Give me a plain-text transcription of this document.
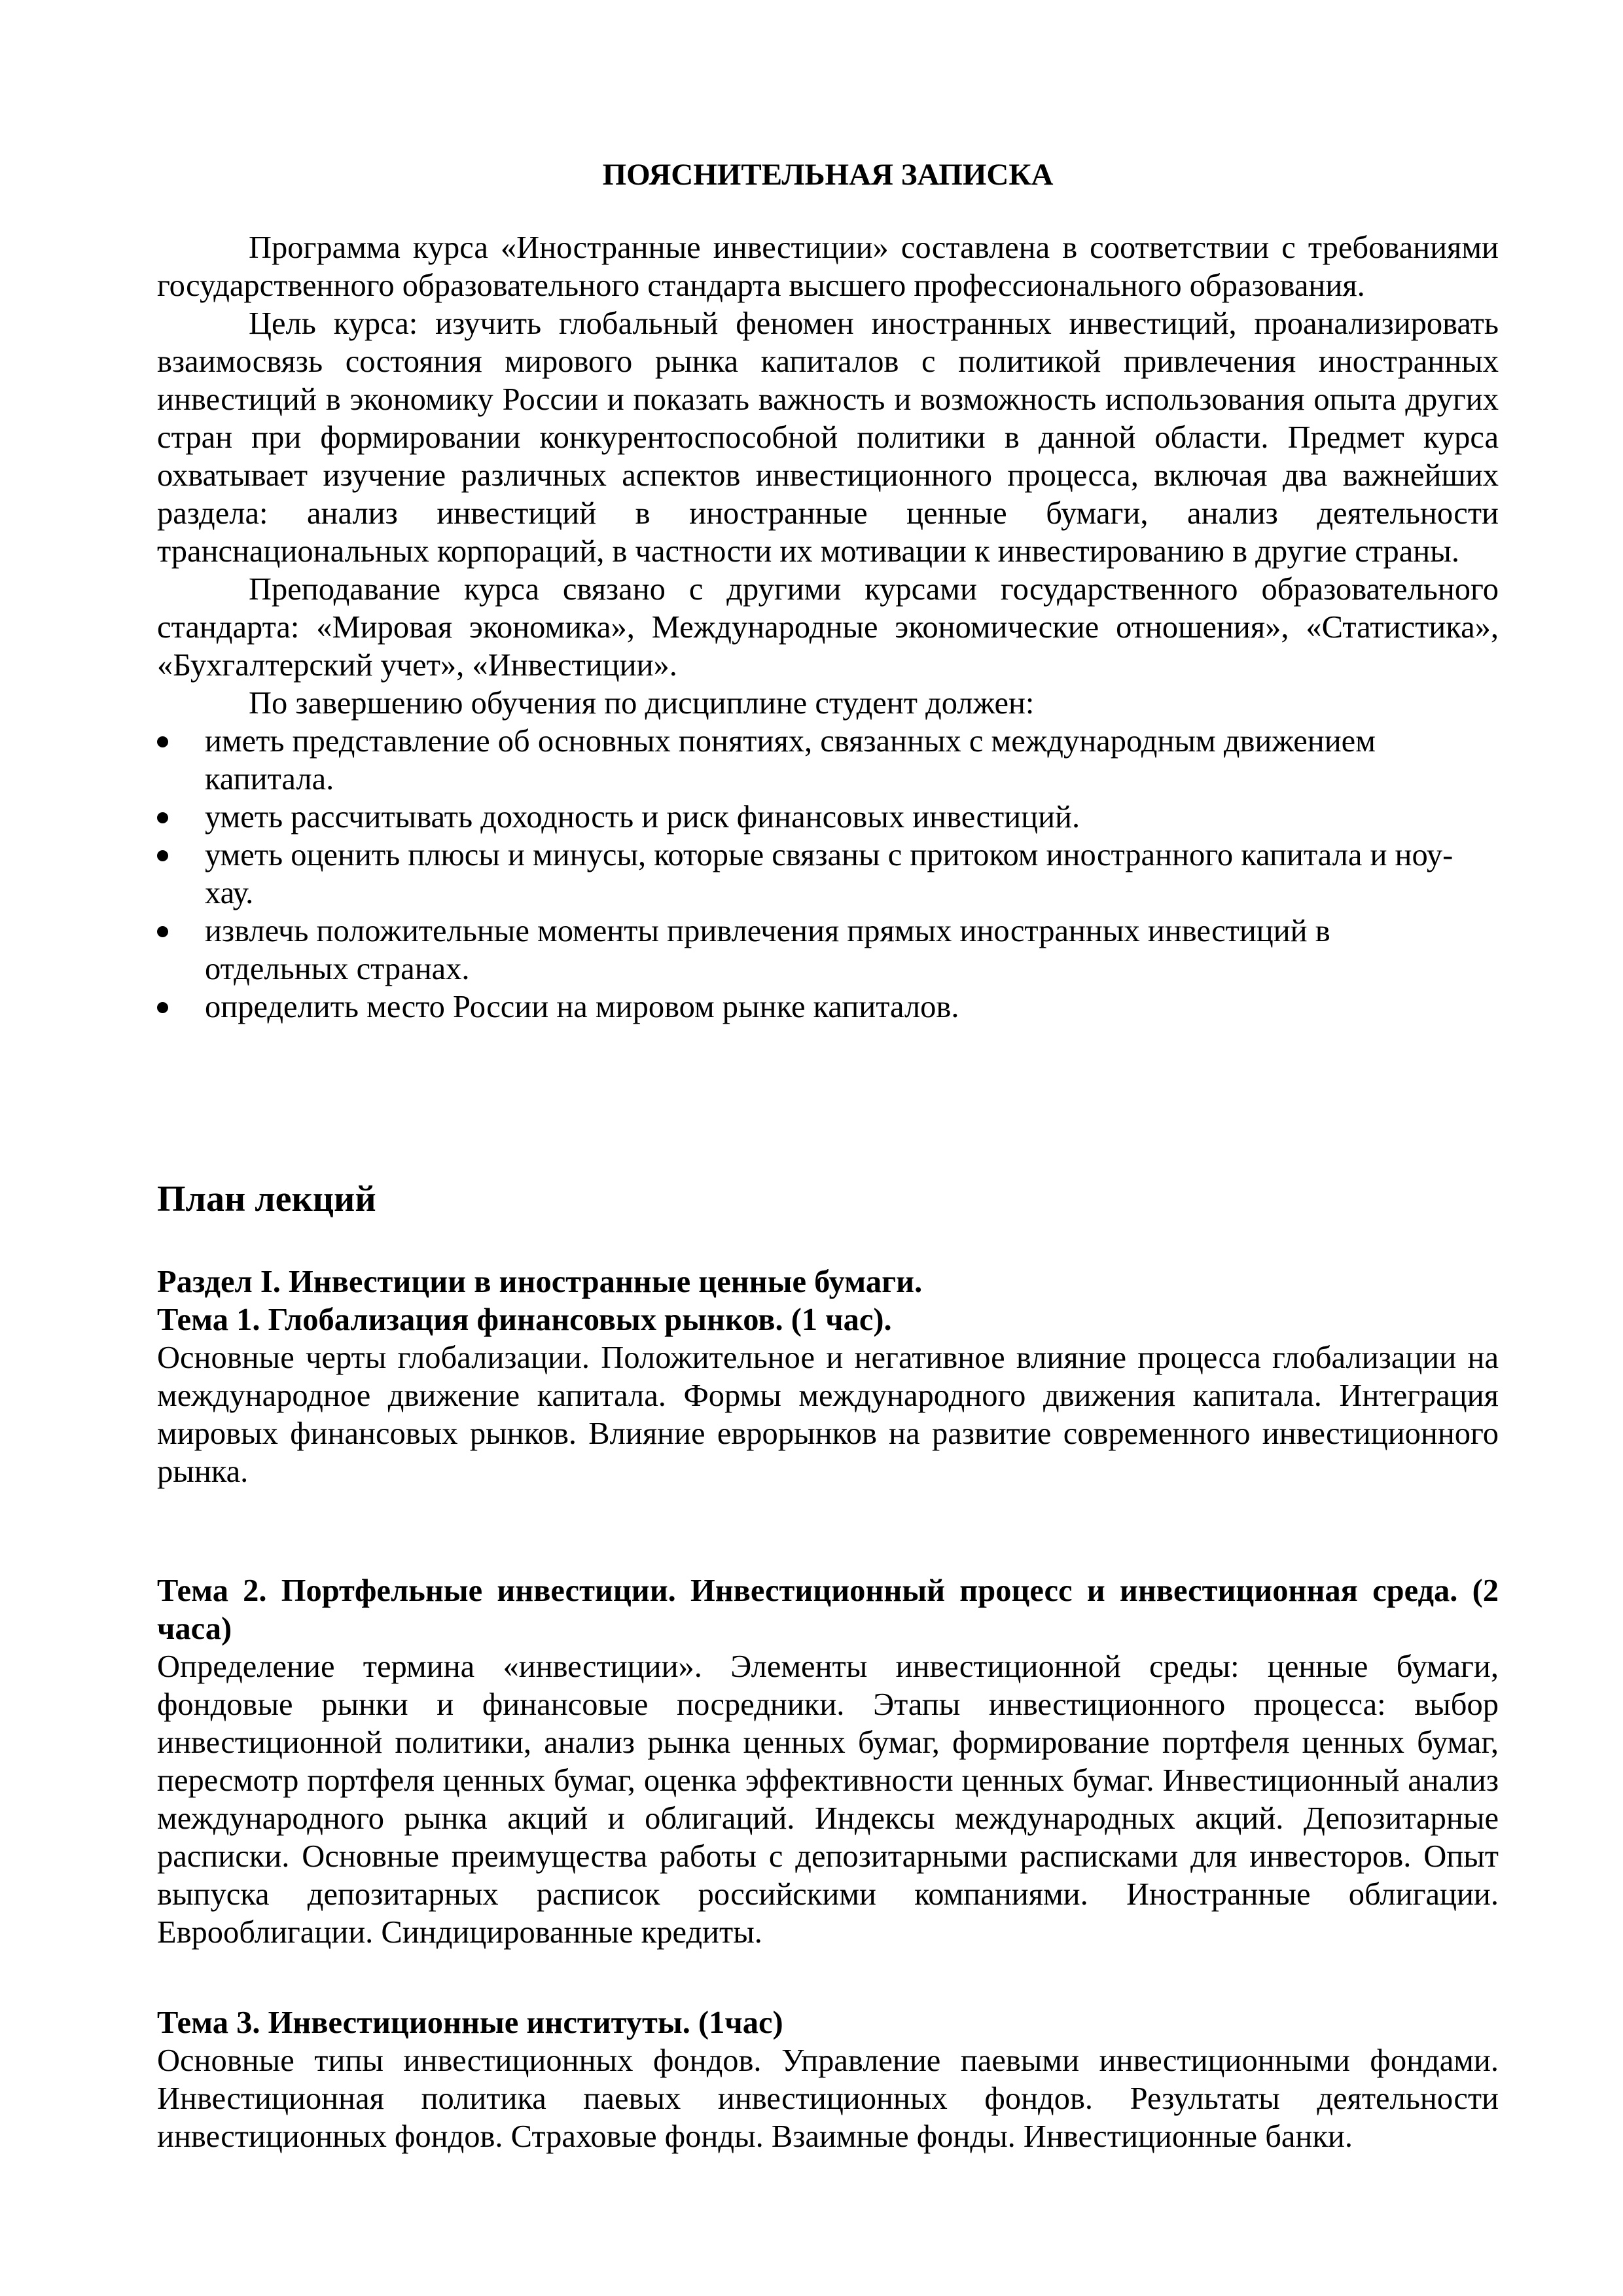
ПОЯСНИТЕЛЬНАЯ ЗАПИСКА

Программа курса «Иностранные инвестиции» составлена в соответствии с требованиями государственного образовательного стандарта высшего профессионального образования.

Цель курса: изучить глобальный феномен иностранных инвестиций, проанализировать взаимосвязь состояния мирового рынка капиталов с политикой привлечения иностранных инвестиций в экономику России и показать важность и возможность использования опыта других стран при формировании конкурентоспособной политики в данной области. Предмет курса охватывает изучение различных аспектов инвестиционного процесса, включая два важнейших раздела: анализ инвестиций в иностранные ценные бумаги, анализ деятельности транснациональных корпораций, в частности их мотивации к инвестированию в другие страны.

Преподавание курса связано с другими курсами государственного образовательного стандарта: «Мировая экономика», Международные экономические отношения», «Статистика», «Бухгалтерский учет», «Инвестиции».

По завершению обучения по дисциплине студент должен:

иметь представление об основных понятиях, связанных с международным движением капитала.
уметь рассчитывать доходность и риск финансовых инвестиций.
уметь оценить плюсы и минусы, которые связаны с притоком иностранного капитала и ноу-хау.
извлечь положительные моменты привлечения прямых иностранных инвестиций в отдельных странах.
определить место России на мировом рынке капиталов.
План лекций

Раздел I. Инвестиции в иностранные ценные бумаги.

Тема 1. Глобализация финансовых рынков. (1 час).

Основные черты глобализации. Положительное и негативное влияние процесса глобализации на международное движение капитала. Формы международного движения капитала. Интеграция мировых финансовых рынков. Влияние еврорынков на развитие современного инвестиционного рынка.

Тема 2. Портфельные инвестиции. Инвестиционный процесс и инвестиционная среда. (2 часа)

Определение термина «инвестиции». Элементы инвестиционной среды: ценные бумаги, фондовые рынки и финансовые посредники. Этапы инвестиционного процесса: выбор инвестиционной политики, анализ рынка ценных бумаг, формирование портфеля ценных бумаг, пересмотр портфеля ценных бумаг, оценка эффективности ценных бумаг. Инвестиционный анализ международного рынка акций и облигаций. Индексы международных акций. Депозитарные расписки. Основные преимущества работы с депозитарными расписками для инвесторов. Опыт выпуска депозитарных расписок российскими компаниями. Иностранные облигации. Еврооблигации. Синдицированные кредиты.

Тема 3. Инвестиционные институты. (1час)

Основные типы инвестиционных фондов. Управление паевыми инвестиционными фондами. Инвестиционная политика паевых инвестиционных фондов. Результаты деятельности инвестиционных фондов. Страховые фонды. Взаимные фонды. Инвестиционные банки.
